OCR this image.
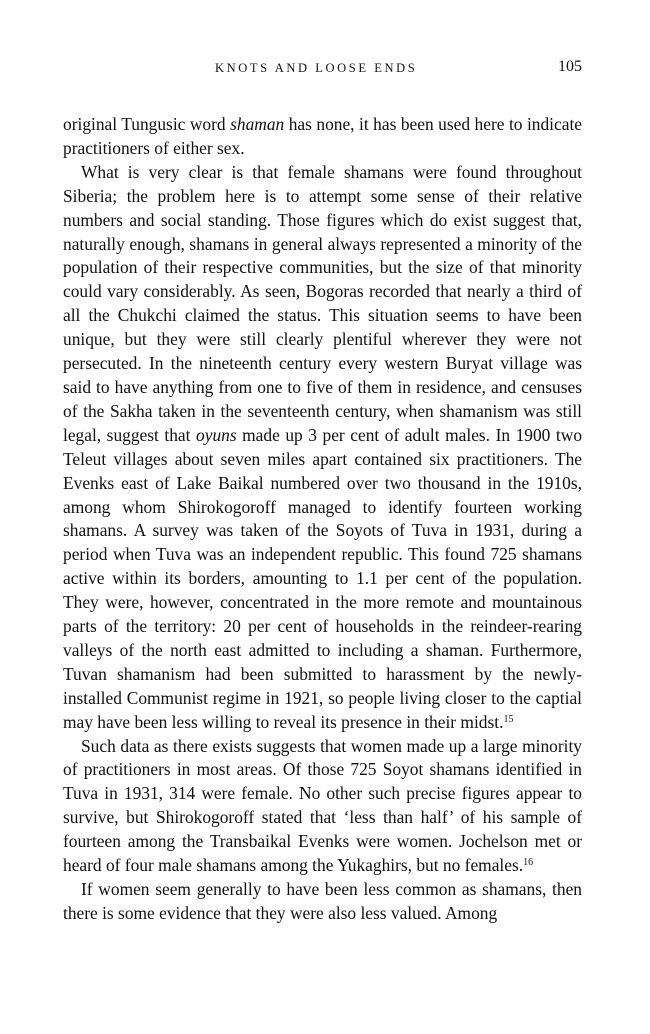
KNOTS AND LOOSE ENDS	105

original Tungusic word shaman has none, it has been used here to indicate practitioners of either sex.

What is very clear is that female shamans were found throughout Siberia; the problem here is to attempt some sense of their relative numbers and social standing. Those figures which do exist suggest that, naturally enough, shamans in general always represented a minority of the population of their respective communities, but the size of that minority could vary considerably. As seen, Bogoras recorded that nearly a third of all the Chukchi claimed the status. This situation seems to have been unique, but they were still clearly plentiful wherever they were not persecuted. In the nineteenth century every western Buryat village was said to have anything from one to five of them in residence, and censuses of the Sakha taken in the seventeenth century, when shamanism was still legal, suggest that oyuns made up 3 per cent of adult males. In 1900 two Teleut villages about seven miles apart contained six practitioners. The Evenks east of Lake Baikal numbered over two thousand in the 1910s, among whom Shirokogoroff managed to identify fourteen working shamans. A survey was taken of the Soyots of Tuva in 1931, during a period when Tuva was an independent republic. This found 725 shamans active within its borders, amounting to 1.1 per cent of the population. They were, however, concentrated in the more remote and mountainous parts of the territory: 20 per cent of households in the reindeer-rearing valleys of the north east admitted to including a shaman. Furthermore, Tuvan shamanism had been submitted to harassment by the newly-installed Communist regime in 1921, so people living closer to the captial may have been less willing to reveal its presence in their midst.$^{15}$

Such data as there exists suggests that women made up a large minority of practitioners in most areas. Of those 725 Soyot shamans identified in Tuva in 1931, 314 were female. No other such precise figures appear to survive, but Shirokogoroff stated that ‘less than half’ of his sample of fourteen among the Transbaikal Evenks were women. Jochelson met or heard of four male shamans among the Yukaghirs, but no females.$^{16}$

If women seem generally to have been less common as shamans, then there is some evidence that they were also less valued. Among
